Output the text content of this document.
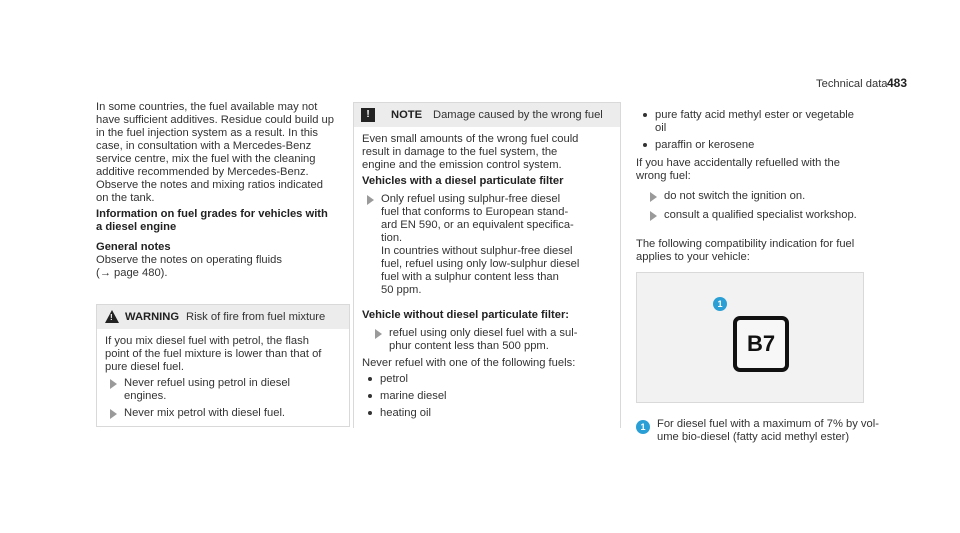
Technical data 483
In some countries, the fuel available may not
have sufficient additives. Residue could build up
in the fuel injection system as a result. In this
case, in consultation with a Mercedes-Benz
service centre, mix the fuel with the cleaning
additive recommended by Mercedes-Benz.
Observe the notes and mixing ratios indicated
on the tank.
Information on fuel grades for vehicles with
a diesel engine
General notes
Observe the notes on operating fluids
(→ page 480).
! WARNING Risk of fire from fuel mixture
If you mix diesel fuel with petrol, the flash
point of the fuel mixture is lower than that of
pure diesel fuel.
Never refuel using petrol in diesel
engines.
Never mix petrol with diesel fuel.
!	NOTE Damage caused by the wrong fuel
Even small amounts of the wrong fuel could
result in damage to the fuel system, the
engine and the emission control system.
Vehicles with a diesel particulate filter
Only refuel using sulphur-free diesel
fuel that conforms to European stand-
ard EN 590, or an equivalent specifica-
tion.
In countries without sulphur-free diesel
fuel, refuel using only low-sulphur diesel
fuel with a sulphur content less than
50 ppm.
Vehicle without diesel particulate filter:
refuel using only diesel fuel with a sul-
phur content less than 500 ppm.
Never refuel with one of the following fuels:
petrol
marine diesel
heating oil
pure fatty acid methyl ester or vegetable
oil
paraffin or kerosene
If you have accidentally refuelled with the
wrong fuel:
do not switch the ignition on.
consult a qualified specialist workshop.
The following compatibility indication for fuel
applies to your vehicle:
1
B7
1	For diesel fuel with a maximum of 7% by vol-
ume bio-diesel (fatty acid methyl ester)
